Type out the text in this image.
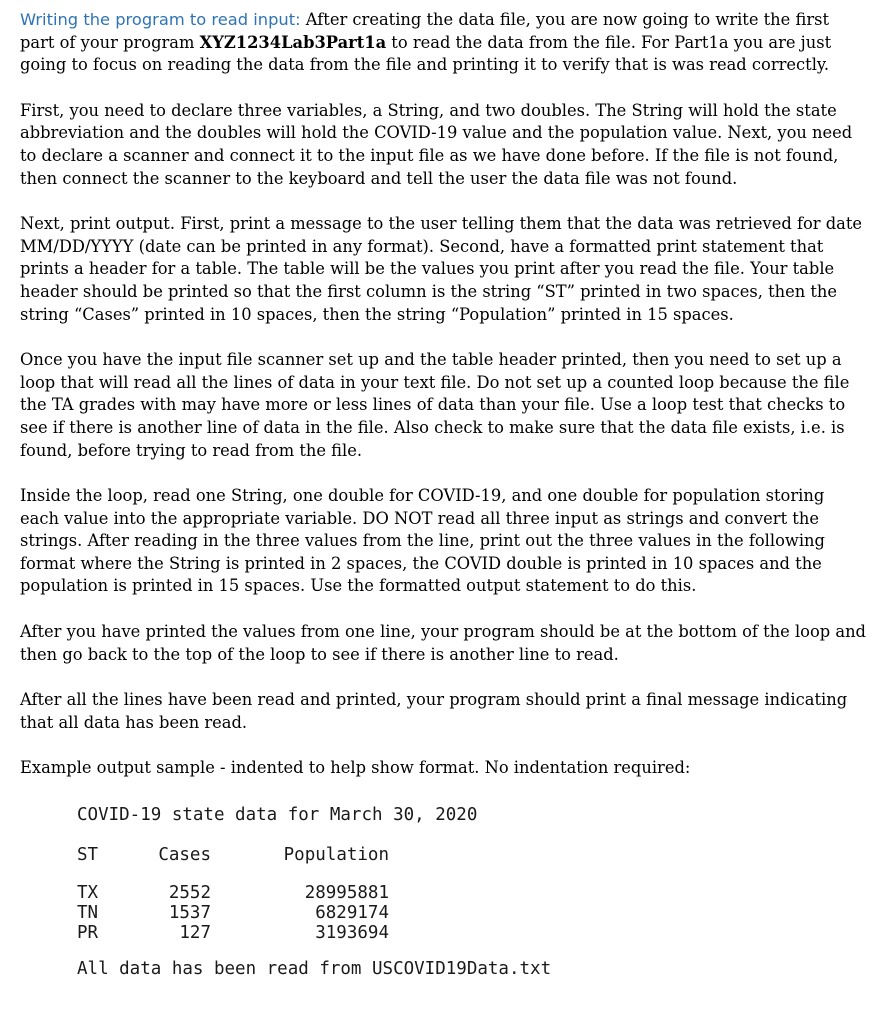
Writing the program to read input: After creating the data file, you are now going to write the first part of your program XYZ1234Lab3Part1a to read the data from the file. For Part1a you are just going to focus on reading the data from the file and printing it to verify that is was read correctly.

First, you need to declare three variables, a String, and two doubles. The String will hold the state abbreviation and the doubles will hold the COVID-19 value and the population value. Next, you need to declare a scanner and connect it to the input file as we have done before. If the file is not found, then connect the scanner to the keyboard and tell the user the data file was not found.

Next, print output. First, print a message to the user telling them that the data was retrieved for date MM/DD/YYYY (date can be printed in any format). Second, have a formatted print statement that prints a header for a table. The table will be the values you print after you read the file. Your table header should be printed so that the first column is the string “ST” printed in two spaces, then the string “Cases” printed in 10 spaces, then the string “Population” printed in 15 spaces.

Once you have the input file scanner set up and the table header printed, then you need to set up a loop that will read all the lines of data in your text file. Do not set up a counted loop because the file the TA grades with may have more or less lines of data than your file. Use a loop test that checks to see if there is another line of data in the file. Also check to make sure that the data file exists, i.e. is found, before trying to read from the file.

Inside the loop, read one String, one double for COVID-19, and one double for population storing each value into the appropriate variable. DO NOT read all three input as strings and convert the strings. After reading in the three values from the line, print out the three values in the following format where the String is printed in 2 spaces, the COVID double is printed in 10 spaces and the population is printed in 15 spaces. Use the formatted output statement to do this.

After you have printed the values from one line, your program should be at the bottom of the loop and then go back to the top of the loop to see if there is another line to read.

After all the lines have been read and printed, your program should print a final message indicating that all data has been read.

Example output sample - indented to help show format. No indentation required:

COVID-19 state data for March 30, 2020
ST	Cases	Population
TX	2552	28995881
TN	1537	6829174
PR	127	3193694
All data has been read from USCOVID19Data.txt
